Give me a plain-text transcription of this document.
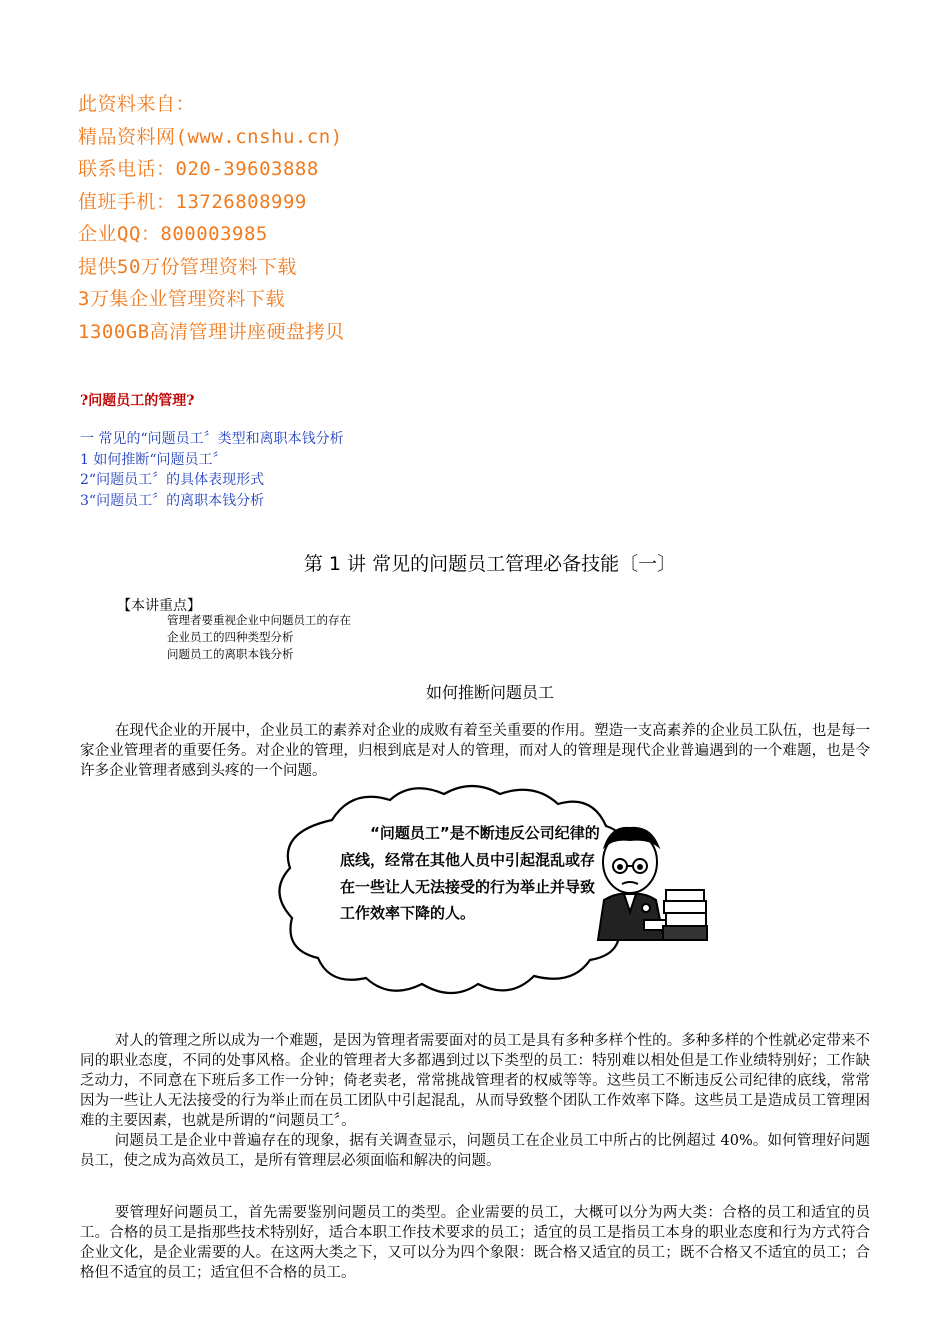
此资料来自：
精品资料网(www.cnshu.cn)
联系电话：020-39603888
值班手机：13726808999
企业QQ：800003985
提供50万份管理资料下载
3万集企业管理资料下载
1300GB高清管理讲座硬盘拷贝
?问题员工的管理?
一 常见的“问题员工〞类型和离职本钱分析
1 如何推断“问题员工〞
2“问题员工〞的具体表现形式
3“问题员工〞的离职本钱分析
第 1 讲 常见的问题员工管理必备技能〔一〕
【本讲重点】
管理者要重视企业中问题员工的存在
企业员工的四种类型分析
问题员工的离职本钱分析
如何推断问题员工
在现代企业的开展中，企业员工的素养对企业的成败有着至关重要的作用。塑造一支高素养的企业员工队伍，也是每一家企业管理者的重要任务。对企业的管理，归根到底是对人的管理，而对人的管理是现代企业普遍遇到的一个难题，也是令许多企业管理者感到头疼的一个问题。
“问题员工”是不断违反公司纪律的底线，经常在其他人员中引起混乱或存在一些让人无法接受的行为举止并导致工作效率下降的人。
对人的管理之所以成为一个难题，是因为管理者需要面对的员工是具有多种多样个性的。多种多样的个性就必定带来不同的职业态度，不同的处事风格。企业的管理者大多都遇到过以下类型的员工：特别难以相处但是工作业绩特别好；工作缺乏动力，不同意在下班后多工作一分钟；倚老卖老，常常挑战管理者的权威等等。这些员工不断违反公司纪律的底线，常常因为一些让人无法接受的行为举止而在员工团队中引起混乱，从而导致整个团队工作效率下降。这些员工是造成员工管理困难的主要因素，也就是所谓的“问题员工〞。
问题员工是企业中普遍存在的现象，据有关调查显示，问题员工在企业员工中所占的比例超过 40%。如何管理好问题员工，使之成为高效员工，是所有管理层必须面临和解决的问题。
要管理好问题员工，首先需要鉴别问题员工的类型。企业需要的员工，大概可以分为两大类：合格的员工和适宜的员工。合格的员工是指那些技术特别好，适合本职工作技术要求的员工；适宜的员工是指员工本身的职业态度和行为方式符合企业文化，是企业需要的人。在这两大类之下，又可以分为四个象限：既合格又适宜的员工；既不合格又不适宜的员工；合格但不适宜的员工；适宜但不合格的员工。
